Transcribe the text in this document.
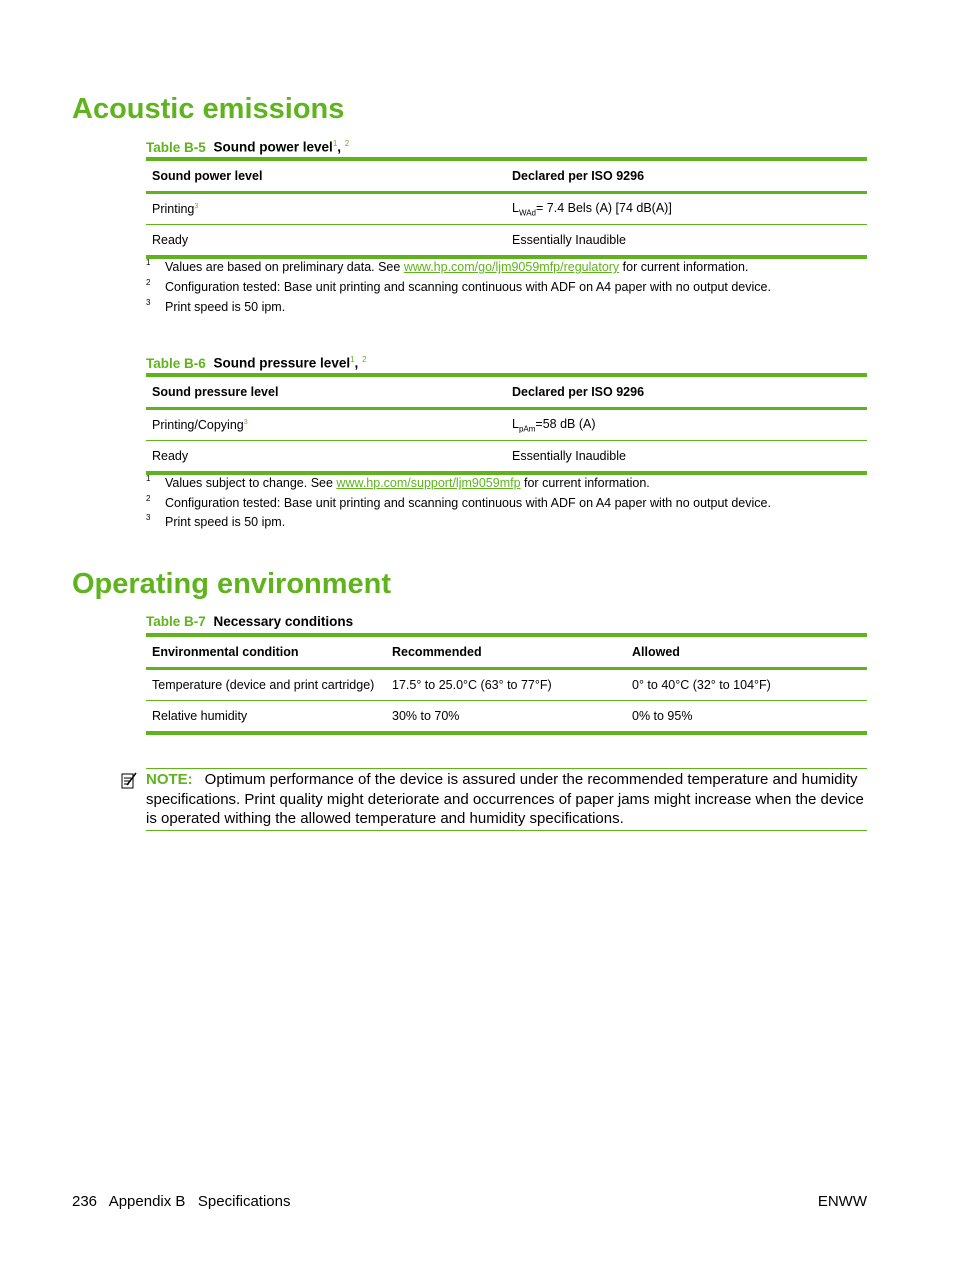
Acoustic emissions
Table B-5 Sound power level$^1$, $^2$
Sound power level	Declared per ISO 9296
Printing$^3$	$L_{WAd}= 7.4$ Bels (A) [74 dB(A)]
Ready	Essentially Inaudible
1 Values are based on preliminary data. See www.hp.com/go/ljm9059mfp/regulatory for current information.
2 Configuration tested: Base unit printing and scanning continuous with ADF on A4 paper with no output device.
3 Print speed is 50 ipm.
Table B-6 Sound pressure level$^1$, $^2$
Sound pressure level	Declared per ISO 9296
Printing/Copying$^3$	$L_{pAm}=58$ dB (A)
Ready	Essentially Inaudible
1 Values subject to change. See www.hp.com/support/ljm9059mfp for current information.
2 Configuration tested: Base unit printing and scanning continuous with ADF on A4 paper with no output device.
3 Print speed is 50 ipm.
Operating environment
Table B-7 Necessary conditions
Environmental condition	Recommended	Allowed
Temperature (device and print cartridge)	17.5° to 25.0°C (63° to 77°F)	0° to 40°C (32° to 104°F)
Relative humidity	30% to 70%	0% to 95%
NOTE: Optimum performance of the device is assured under the recommended temperature and humidity specifications. Print quality might deteriorate and occurrences of paper jams might increase when the device is operated withing the allowed temperature and humidity specifications.
236   Appendix B   Specifications	ENWW
